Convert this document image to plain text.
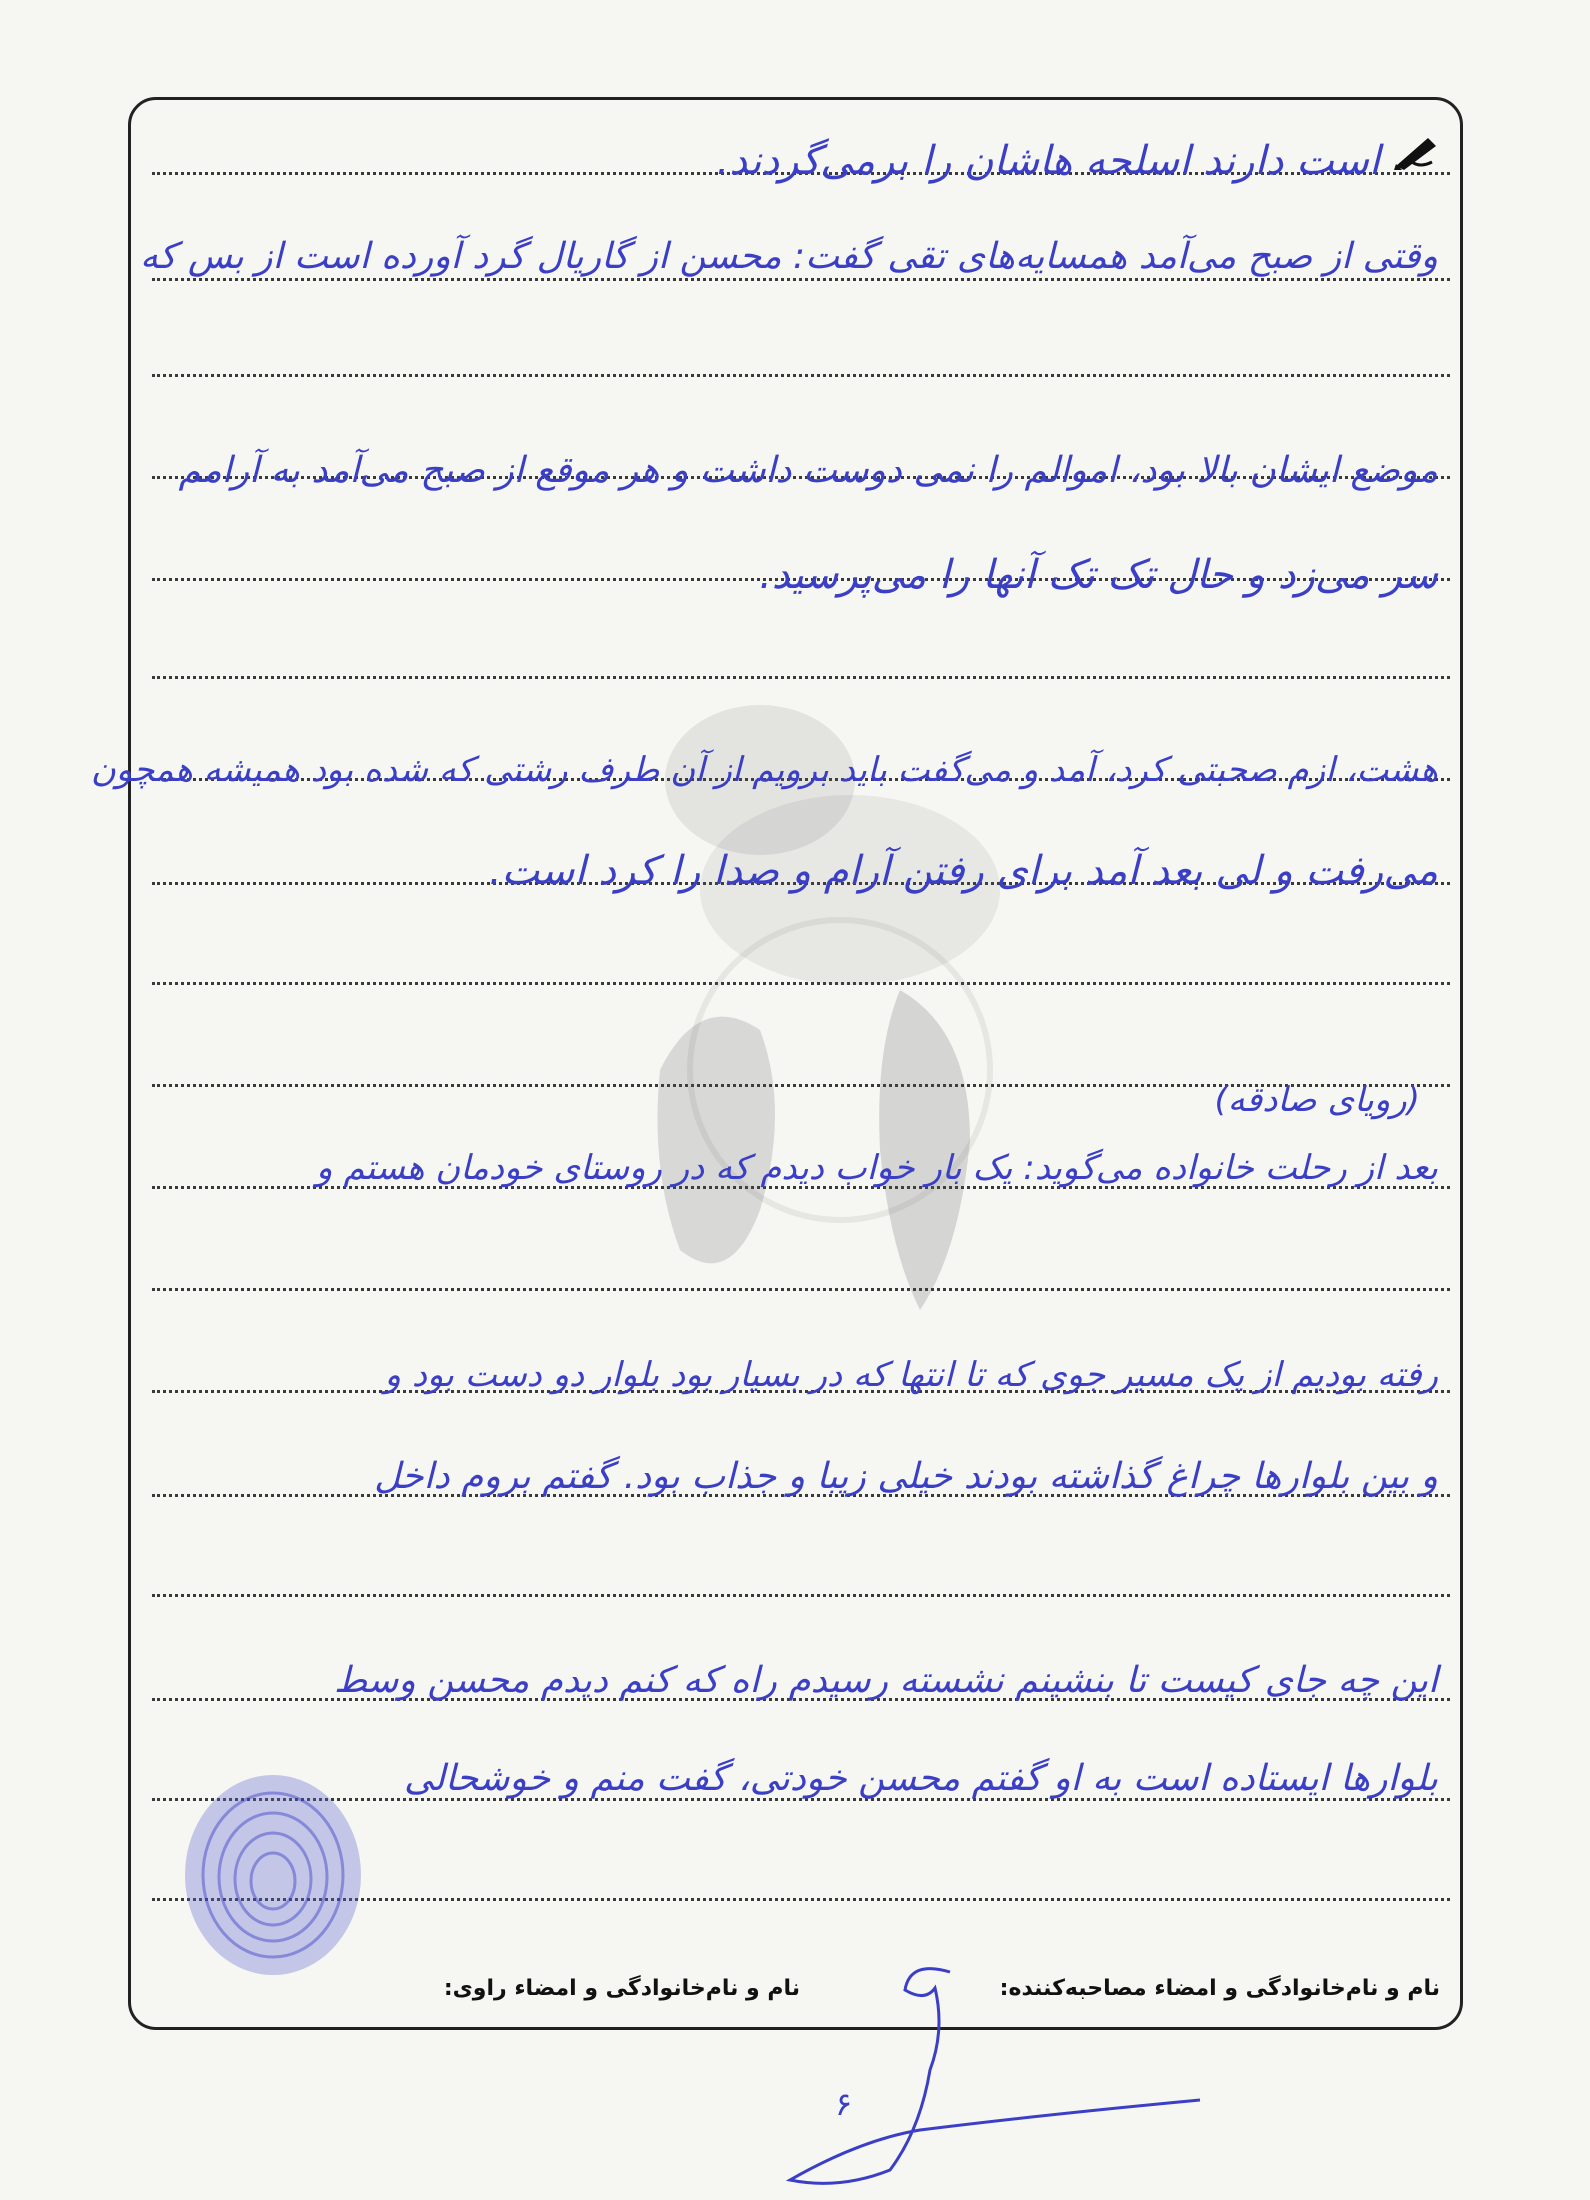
است دارند اسلحه هاشان را برمی‌گردند.
وقتی از صبح می‌آمد همسایه‌های تقی گفت: محسن از گاریال گرد آورده است از بس که
موضع ایشان بالا بود، اموالم را نمی دوست داشت و هر موقع از صبح می‌آمد به آرامم
سر می‌زد و حال تک تک آنها را می‌پرسید.
هشت، ازم صحبتی کرد، آمد و می‌گفت باید برویم از آن طرف رشتی که شده بود همیشه همچون
می‌رفت و لی بعد آمد برای رفتن آرام و صدا را کرد است.
(رویای صادقه)
بعد از رحلت خانواده می‌گوید: یک بار خواب دیدم که در روستای خودمان هستم و
رفته بودیم از یک مسیر جوی که تا انتها که در بسیار بود بلوار دو دست بود و
و بین بلوارها چراغ گذاشته بودند خیلی زیبا و جذاب بود. گفتم بروم داخل
این چه جای کیست تا بنشینم نشسته رسیدم راه که کنم دیدم محسن وسط
بلوارها ایستاده است به او گفتم محسن خودتی، گفت منم و خوشحالی
نام و نام‌خانوادگی و امضاء مصاحبه‌کننده:
نام و نام‌خانوادگی و امضاء راوی:
۶
